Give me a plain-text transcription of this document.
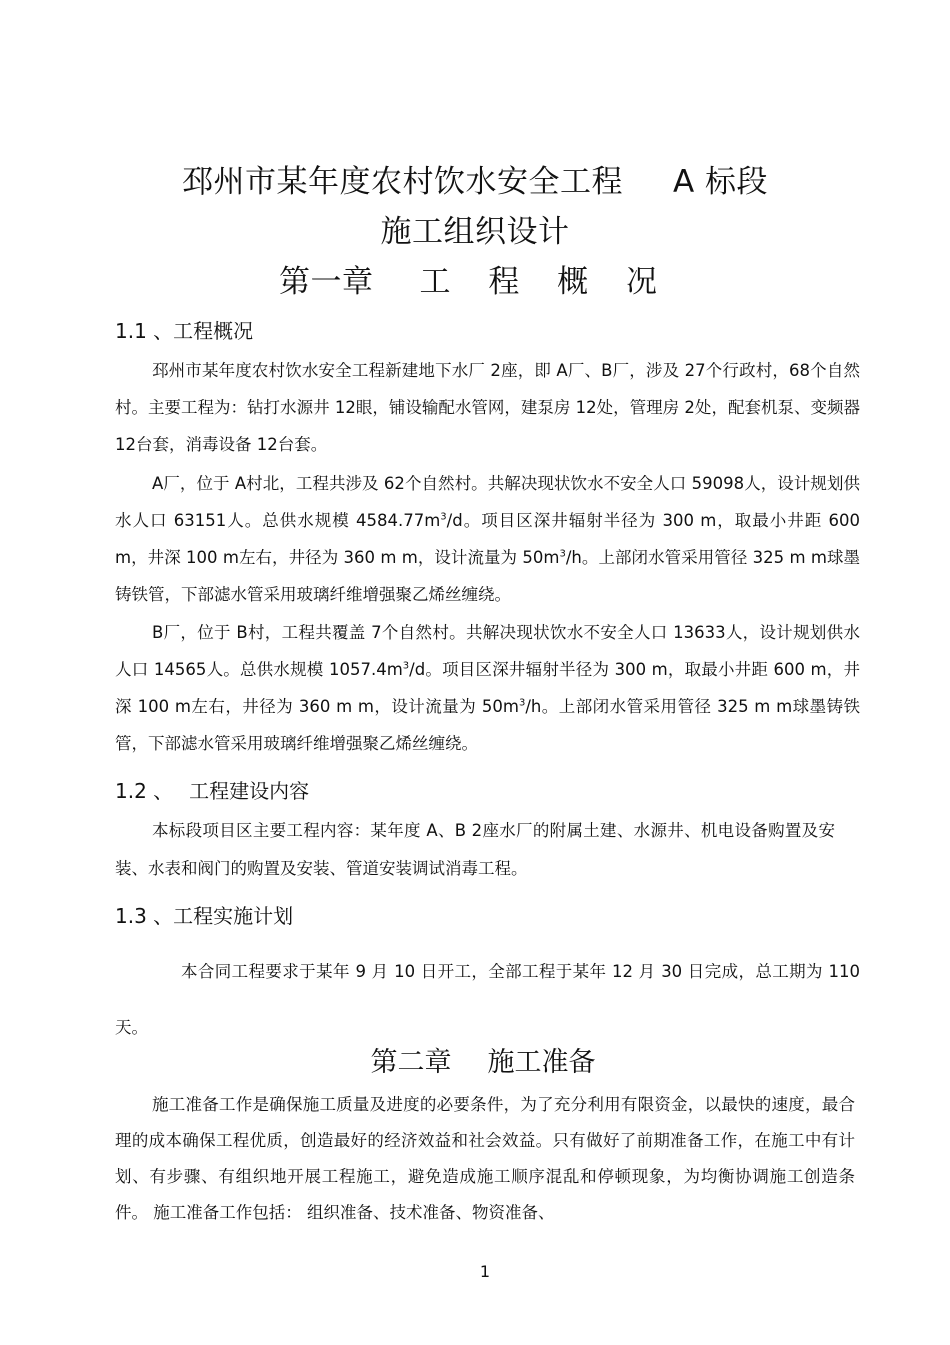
邳州市某年度农村饮水安全工程 A 标段
施工组织设计
第一章 工 程 概 况
1.1 、工程概况

邳州市某年度农村饮水安全工程新建地下水厂 2座，即 A厂、B厂，涉及 27个行政村，68个自然村。主要工程为：钻打水源井 12眼，铺设输配水管网，建泵房 12处，管理房 2处，配套机泵、变频器 12台套，消毒设备 12台套。

A厂，位于 A村北，工程共涉及 62个自然村。共解决现状饮水不安全人口 59098人，设计规划供水人口 63151人。总供水规模 $4584.77m^3/d$。项目区深井辐射半径为 300 m，取最小井距 600 m，井深 100 m左右，井径为 360 m m，设计流量为 $50m^3/h$。上部闭水管采用管径 325 m m球墨铸铁管，下部滤水管采用玻璃纤维增强聚乙烯丝缠绕。

B厂，位于 B村，工程共覆盖 7个自然村。共解决现状饮水不安全人口 13633人，设计规划供水人口 14565人。总供水规模 $1057.4m^3/d$。项目区深井辐射半径为 300 m，取最小井距 600 m，井深 100 m左右，井径为 360 m m，设计流量为 $50m^3/h$。上部闭水管采用管径 325 m m球墨铸铁管，下部滤水管采用玻璃纤维增强聚乙烯丝缠绕。

1.2 、 工程建设内容

本标段项目区主要工程内容：某年度 A、B 2座水厂的附属土建、水源井、机电设备购置及安装、水表和阀门的购置及安装、管道安装调试消毒工程。

1.3 、工程实施计划

本合同工程要求于某年 9 月 10 日开工，全部工程于某年 12 月 30 日完成，总工期为 110 天。

第二章 施工准备

施工准备工作是确保施工质量及进度的必要条件，为了充分利用有限资金，以最快的速度，最合理的成本确保工程优质，创造最好的经济效益和社会效益。只有做好了前期准备工作，在施工中有计划、有步骤、有组织地开展工程施工，避免造成施工顺序混乱和停顿现象，为均衡协调施工创造条件。 施工准备工作包括： 组织准备、技术准备、物资准备、

1
